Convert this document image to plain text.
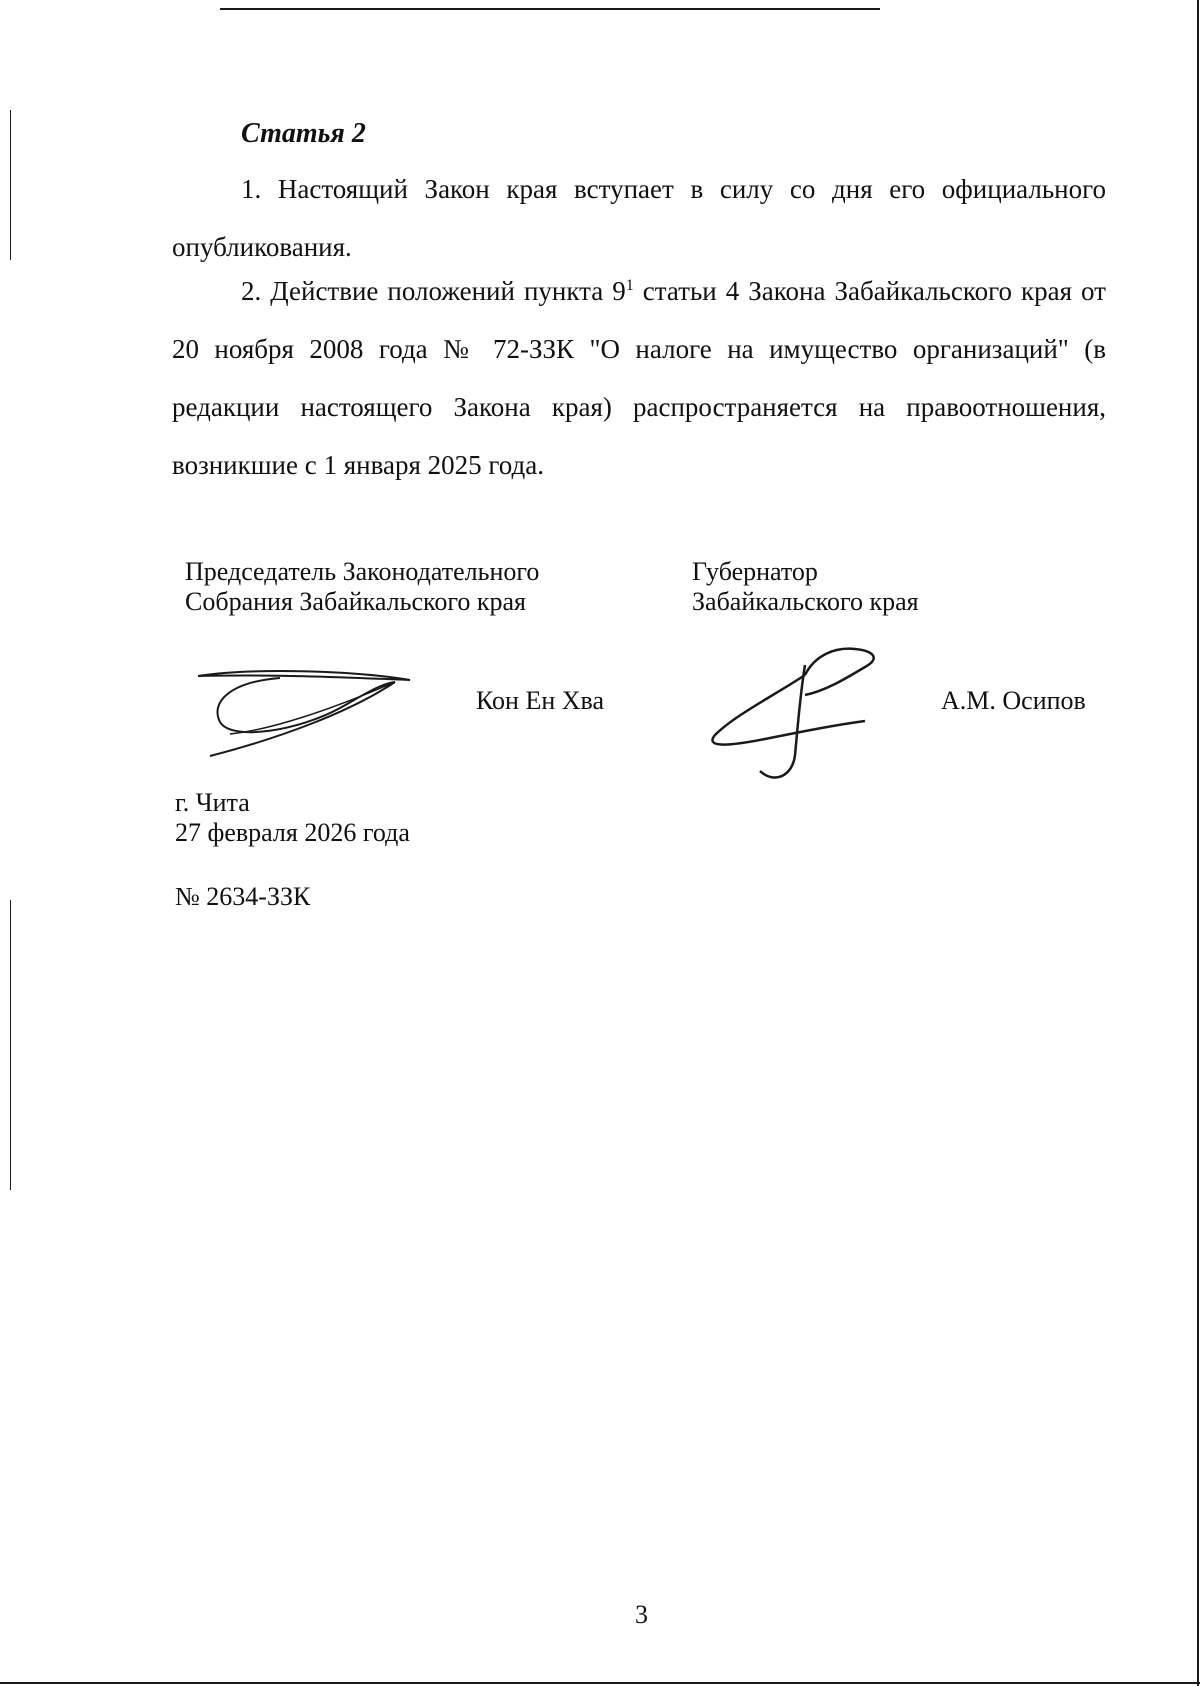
Статья 2

1. Настоящий Закон края вступает в силу со дня его официального опубликования.

2. Действие положений пункта $9^1$ статьи 4 Закона Забайкальского края от 20 ноября 2008 года № 72-ЗЗК "О налоге на имущество организаций" (в редакции настоящего Закона края) распространяется на правоотношения, возникшие с 1 января 2025 года.

Председатель Законодательного

Собрания Забайкальского края

Кон Ен Хва

Губернатор

Забайкальского края

А.М. Осипов

г. Чита

27 февраля 2026 года

№ 2634-ЗЗК

3
